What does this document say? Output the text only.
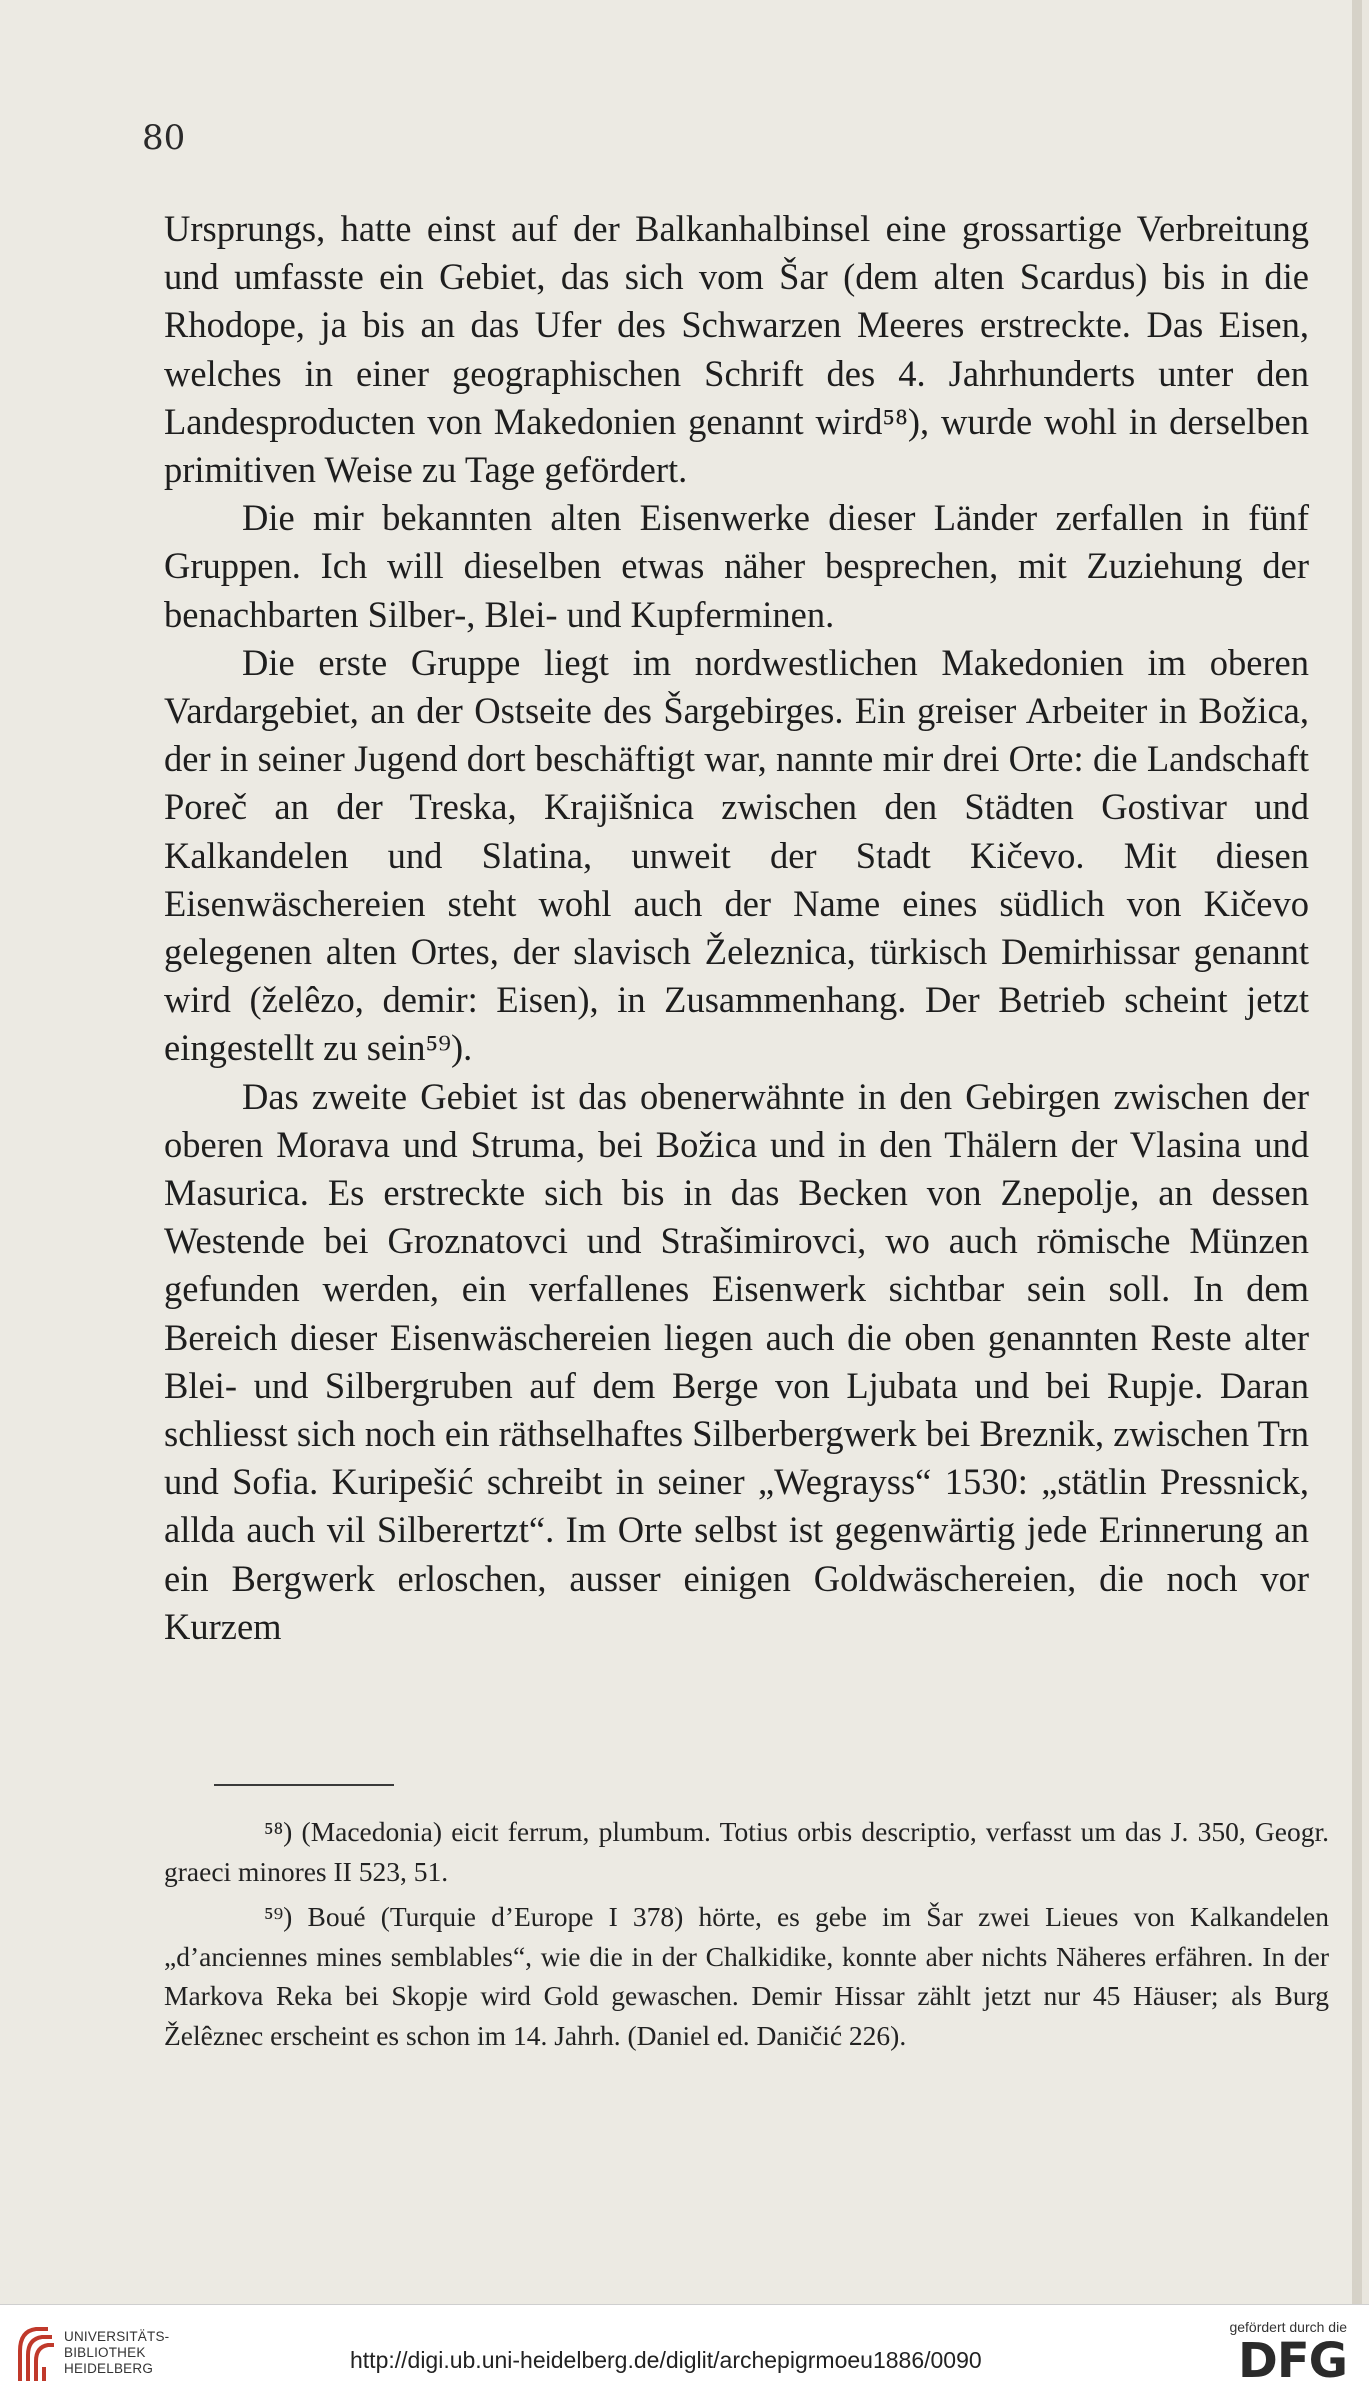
80

Ursprungs, hatte einst auf der Balkanhalbinsel eine grossartige Verbreitung und umfasste ein Gebiet, das sich vom Šar (dem alten Scardus) bis in die Rhodope, ja bis an das Ufer des Schwarzen Meeres erstreckte. Das Eisen, welches in einer geographischen Schrift des 4. Jahrhunderts unter den Landesproducten von Makedonien genannt wird⁵⁸), wurde wohl in derselben primitiven Weise zu Tage gefördert.

Die mir bekannten alten Eisenwerke dieser Länder zerfallen in fünf Gruppen. Ich will dieselben etwas näher besprechen, mit Zuziehung der benachbarten Silber-, Blei- und Kupferminen.

Die erste Gruppe liegt im nordwestlichen Makedonien im oberen Vardargebiet, an der Ostseite des Šargebirges. Ein greiser Arbeiter in Božica, der in seiner Jugend dort beschäftigt war, nannte mir drei Orte: die Landschaft Poreč an der Treska, Krajišnica zwischen den Städten Gostivar und Kalkandelen und Slatina, unweit der Stadt Kičevo. Mit diesen Eisenwäschereien steht wohl auch der Name eines südlich von Kičevo gelegenen alten Ortes, der slavisch Železnica, türkisch Demirhissar genannt wird (želêzo, demir: Eisen), in Zusammenhang. Der Betrieb scheint jetzt eingestellt zu sein⁵⁹).

Das zweite Gebiet ist das obenerwähnte in den Gebirgen zwischen der oberen Morava und Struma, bei Božica und in den Thälern der Vlasina und Masurica. Es erstreckte sich bis in das Becken von Znepolje, an dessen Westende bei Groznatovci und Strašimirovci, wo auch römische Münzen gefunden werden, ein verfallenes Eisenwerk sichtbar sein soll. In dem Bereich dieser Eisenwäschereien liegen auch die oben genannten Reste alter Blei- und Silbergruben auf dem Berge von Ljubata und bei Rupje. Daran schliesst sich noch ein räthselhaftes Silberbergwerk bei Breznik, zwischen Trn und Sofia. Kuripešić schreibt in seiner „Wegrayss“ 1530: „stätlin Pressnick, allda auch vil Silberertzt“. Im Orte selbst ist gegenwärtig jede Erinnerung an ein Bergwerk erloschen, ausser einigen Goldwäschereien, die noch vor Kurzem

⁵⁸) (Macedonia) eicit ferrum, plumbum. Totius orbis descriptio, verfasst um das J. 350, Geogr. graeci minores II 523, 51.

⁵⁹) Boué (Turquie d’Europe I 378) hörte, es gebe im Šar zwei Lieues von Kalkandelen „d’anciennes mines semblables“, wie die in der Chalkidike, konnte aber nichts Näheres erfähren. In der Markova Reka bei Skopje wird Gold gewaschen. Demir Hissar zählt jetzt nur 45 Häuser; als Burg Želêznec erscheint es schon im 14. Jahrh. (Daniel ed. Daničić 226).

UNIVERSITÄTS-
BIBLIOTHEK
HEIDELBERG	http://digi.ub.uni-heidelberg.de/diglit/archepigrmoeu1886/0090
gefördert durch die
DFG
